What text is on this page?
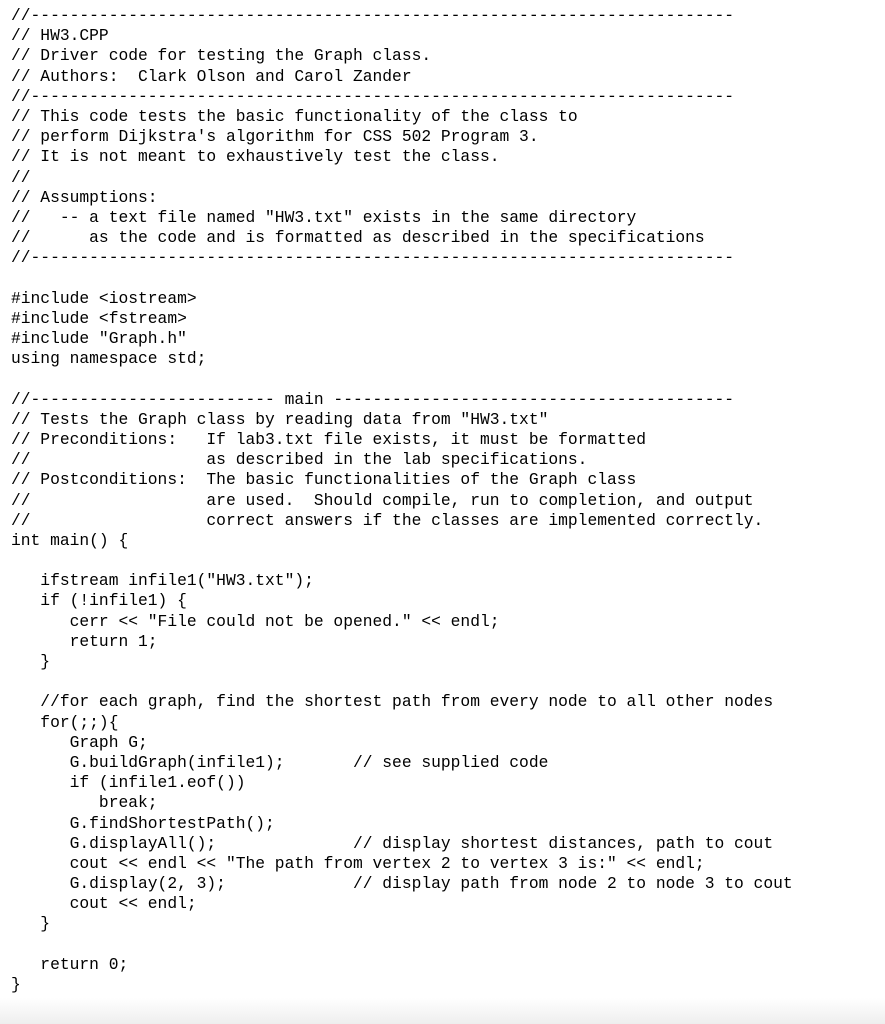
//------------------------------------------------------------------------
// HW3.CPP
// Driver code for testing the Graph class.
// Authors:  Clark Olson and Carol Zander
//------------------------------------------------------------------------
// This code tests the basic functionality of the class to
// perform Dijkstra's algorithm for CSS 502 Program 3.
// It is not meant to exhaustively test the class.
//
// Assumptions:
//   -- a text file named "HW3.txt" exists in the same directory
//      as the code and is formatted as described in the specifications
//------------------------------------------------------------------------
#include <iostream>
#include <fstream>
#include "Graph.h"
using namespace std;
//------------------------- main -----------------------------------------
// Tests the Graph class by reading data from "HW3.txt"
// Preconditions:   If lab3.txt file exists, it must be formatted
//                  as described in the lab specifications.
// Postconditions:  The basic functionalities of the Graph class
//                  are used.  Should compile, run to completion, and output
//                  correct answers if the classes are implemented correctly.
int main() {
ifstream infile1("HW3.txt");
if (!infile1) {
cerr << "File could not be opened." << endl;
return 1;
}
//for each graph, find the shortest path from every node to all other nodes
for(;;){
Graph G;
G.buildGraph(infile1);       // see supplied code
if (infile1.eof())
break;
G.findShortestPath();
G.displayAll();              // display shortest distances, path to cout
cout << endl << "The path from vertex 2 to vertex 3 is:" << endl;
G.display(2, 3);             // display path from node 2 to node 3 to cout
cout << endl;
}
return 0;
}
